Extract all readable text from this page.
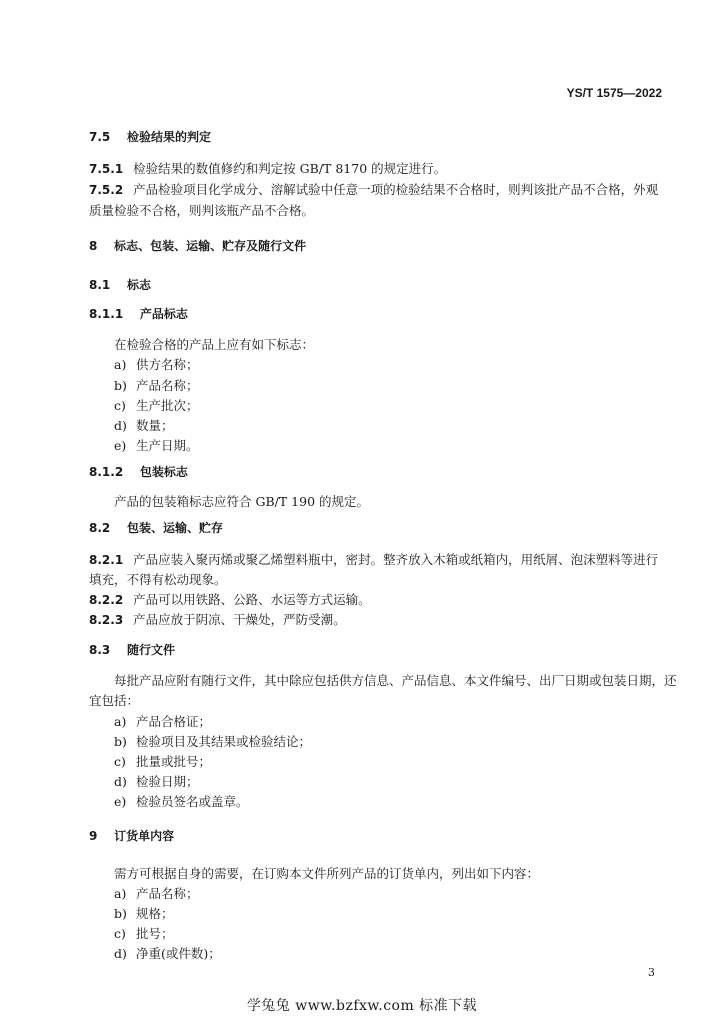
YS/T 1575—2022
7.5 检验结果的判定
7.5.1 检验结果的数值修约和判定按 GB/T 8170 的规定进行。
7.5.2 产品检验项目化学成分、溶解试验中任意一项的检验结果不合格时，则判该批产品不合格，外观
质量检验不合格，则判该瓶产品不合格。
8 标志、包装、运输、贮存及随行文件
8.1 标志
8.1.1 产品标志
在检验合格的产品上应有如下标志：
a) 供方名称；
b) 产品名称；
c) 生产批次；
d) 数量；
e) 生产日期。
8.1.2 包装标志
产品的包装箱标志应符合 GB/T 190 的规定。
8.2 包装、运输、贮存
8.2.1 产品应装入聚丙烯或聚乙烯塑料瓶中，密封。整齐放入木箱或纸箱内，用纸屑、泡沫塑料等进行
填充，不得有松动现象。
8.2.2 产品可以用铁路、公路、水运等方式运输。
8.2.3 产品应放于阴凉、干燥处，严防受潮。
8.3 随行文件
每批产品应附有随行文件，其中除应包括供方信息、产品信息、本文件编号、出厂日期或包装日期，还
宜包括：
a) 产品合格证；
b) 检验项目及其结果或检验结论；
c) 批量或批号；
d) 检验日期；
e) 检验员签名或盖章。
9 订货单内容
需方可根据自身的需要，在订购本文件所列产品的订货单内，列出如下内容：
a) 产品名称；
b) 规格；
c) 批号；
d) 净重(或件数)；
3
学兔兔 www.bzfxw.com 标准下载
